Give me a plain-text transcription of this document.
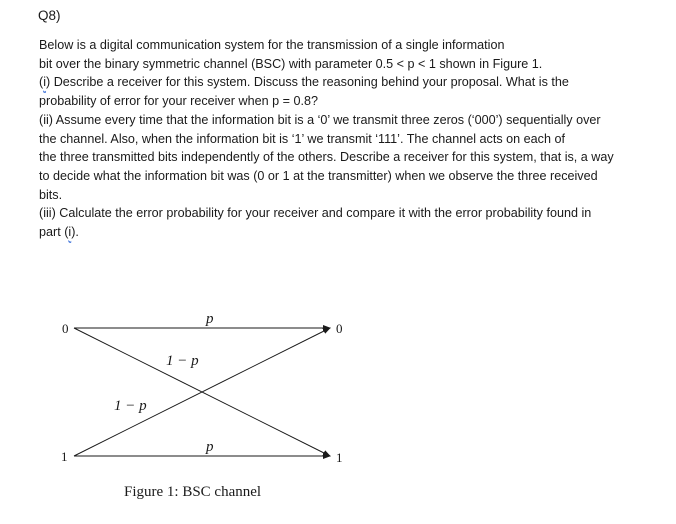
Q8)
Below is a digital communication system for the transmission of a single information
bit over the binary symmetric channel (BSC) with parameter 0.5 < p < 1 shown in Figure 1.
(i) Describe a receiver for this system. Discuss the reasoning behind your proposal. What is the
probability of error for your receiver when p = 0.8?
(ii) Assume every time that the information bit is a ‘0’ we transmit three zeros (‘000’) sequentially over
the channel. Also, when the information bit is ‘1’ we transmit ‘111’. The channel acts on each of
the three transmitted bits independently of the others. Describe a receiver for this system, that is, a way
to decide what the information bit was (0 or 1 at the transmitter) when we observe the three received
bits.
(iii) Calculate the error probability for your receiver and compare it with the error probability found in
part (i).
0
1
0
1
p
1 − p
1 − p
p
Figure 1: BSC channel
